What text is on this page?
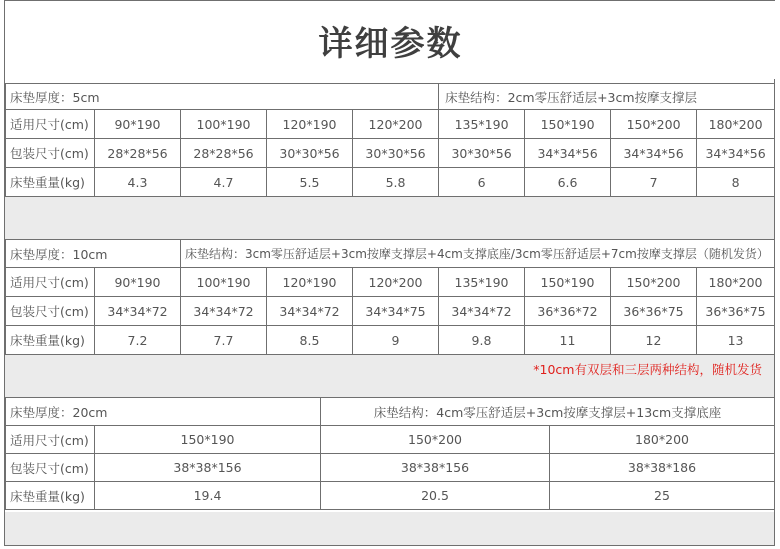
详细参数
床垫厚度：5cm					床垫结构：2cm零压舒适层+3cm按摩支撑层			
适用尺寸(cm)	90*190	100*190	120*190	120*200	135*190	150*190	150*200	180*200
包装尺寸(cm)	28*28*56	28*28*56	30*30*56	30*30*56	30*30*56	34*34*56	34*34*56	34*34*56
床垫重量(kg)	4.3	4.7	5.5	5.8	6	6.6	7	8
床垫厚度：10cm		床垫结构：3cm零压舒适层+3cm按摩支撑层+4cm支撑底座/3cm零压舒适层+7cm按摩支撑层（随机发货）						
适用尺寸(cm)	90*190	100*190	120*190	120*200	135*190	150*190	150*200	180*200
包装尺寸(cm)	34*34*72	34*34*72	34*34*72	34*34*75	34*34*72	36*36*72	36*36*75	36*36*75
床垫重量(kg)	7.2	7.7	8.5	9	9.8	11	12	13
*10cm有双层和三层两种结构，随机发货
床垫厚度：20cm		床垫结构：4cm零压舒适层+3cm按摩支撑层+13cm支撑底座	
适用尺寸(cm)	150*190	150*200	180*200
包装尺寸(cm)	38*38*156	38*38*156	38*38*186
床垫重量(kg)	19.4	20.5	25
